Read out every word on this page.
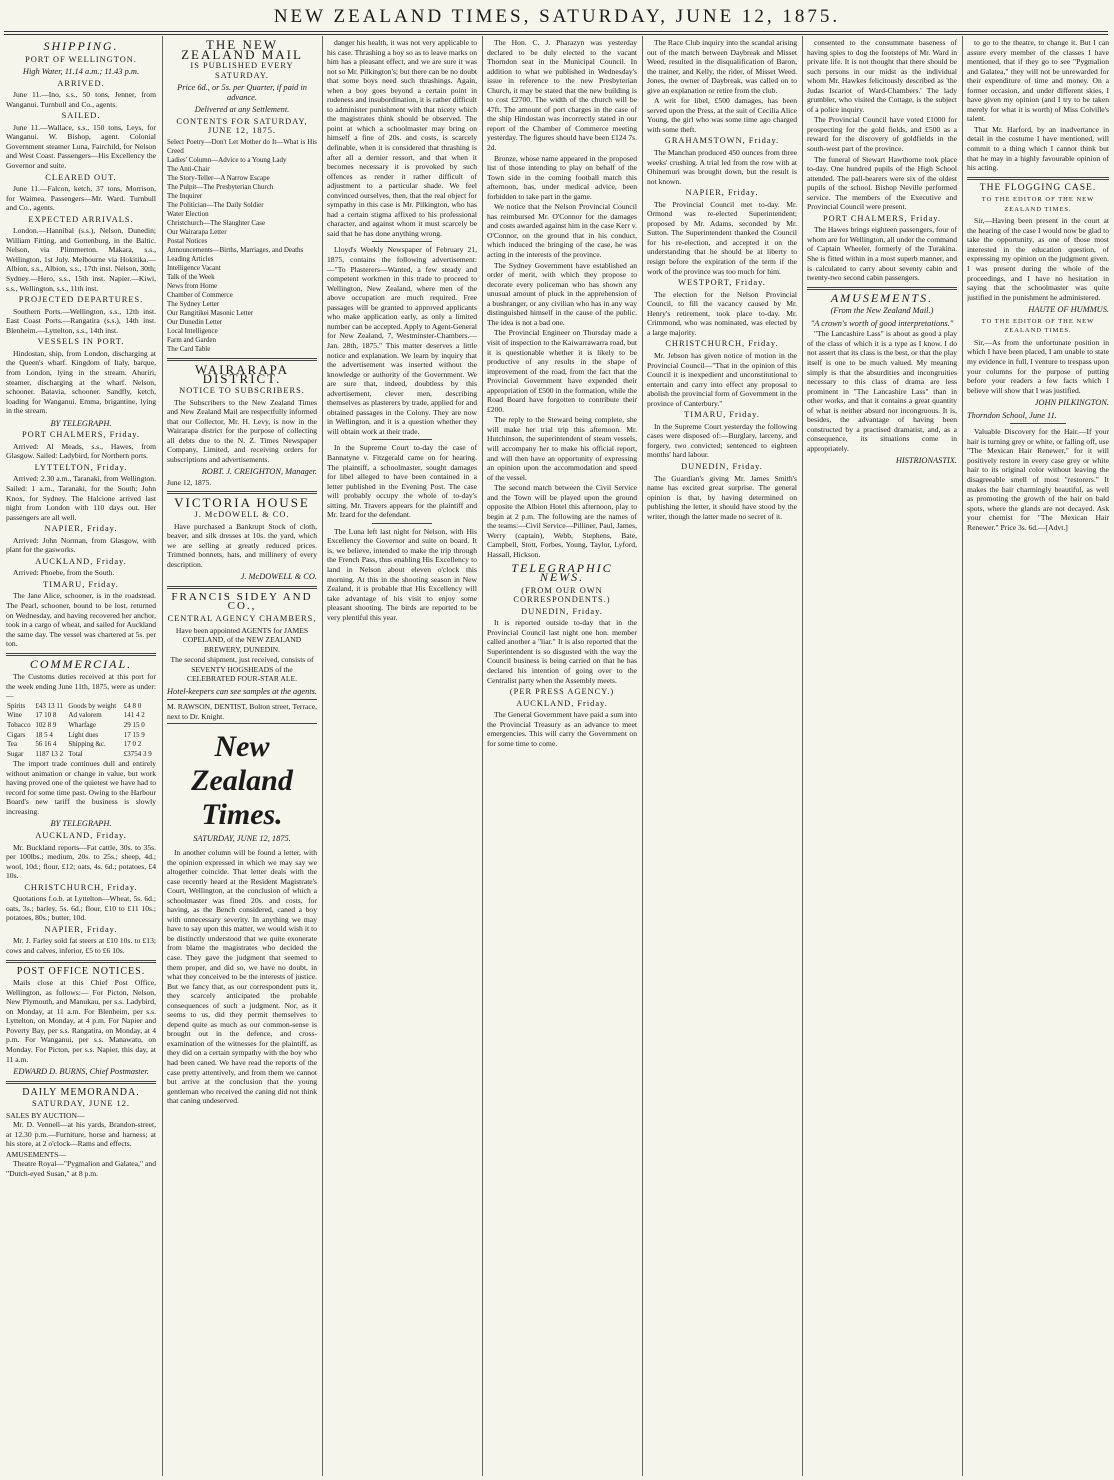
NEW ZEALAND TIMES, SATURDAY, JUNE 12, 1875.
SHIPPING.
PORT OF WELLINGTON.
High Water, 11.14 a.m.; 11.43 p.m.
ARRIVED.

June 11.—Ino, s.s., 50 tons, Jenner, from Wanganui. Turnbull and Co., agents.

SAILED.

June 11.—Wallace, s.s., 150 tons, Leys, for Wanganui. W. Bishop, agent. Colonial Government steamer Luna, Fairchild, for Nelson and West Coast. Passengers—His Excellency the Governor and suite.

CLEARED OUT.

June 11.—Falcon, ketch, 37 tons, Morrison, for Waimea. Passengers—Mr. Ward. Turnbull and Co., agents.

EXPECTED ARRIVALS.

London.—Hannibal (s.s.), Nelson, Dunedin; William Fitting, and Gottenburg, in the Baltic. Nelson, via Plimmerton. Makara, s.s., Wellington, 1st July. Melbourne via Hokitika.—Albion, s.s., Albion, s.s., 17th inst. Nelson, 30th; Sydney.—Hero, s.s., 15th inst. Napier.—Kiwi, s.s., Wellington, s.s., 11th inst.

PROJECTED DEPARTURES.

Southern Ports.—Wellington, s.s., 12th inst. East Coast Ports.—Rangatira (s.s.), 14th inst. Blenheim.—Lyttelton, s.s., 14th inst.

VESSELS IN PORT.

Hindostan, ship, from London, discharging at the Queen's wharf. Kingdom of Italy, barque, from London, lying in the stream. Ahuriri, steamer, discharging at the wharf. Nelson, schooner. Batavia, schooner. Sandfly, ketch, loading for Wanganui. Emma, brigantine, lying in the stream.

BY TELEGRAPH.
PORT CHALMERS, Friday.

Arrived: Al Meads, s.s., Hawes, from Glasgow. Sailed: Ladybird, for Northern ports.

LYTTELTON, Friday.

Arrived: 2.30 a.m., Taranaki, from Wellington. Sailed: 1 a.m., Taranaki, for the South; John Knox, for Sydney. The Halcione arrived last night from London with 110 days out. Her passengers are all well.

NAPIER, Friday.

Arrived: John Norman, from Glasgow, with plant for the gasworks.

AUCKLAND, Friday.

Arrived: Phoebe, from the South.

TIMARU, Friday.

The Jane Alice, schooner, is in the roadstead. The Pearl, schooner, bound to be lost, returned on Wednesday, and having recovered her anchor, took in a cargo of wheat, and sailed for Auckland the same day. The vessel was chartered at 5s. per ton.

COMMERCIAL.

The Customs duties received at this port for the week ending June 11th, 1875, were as under:—

Spirits	£43 13 11	Goods by weight	£4 8 0
Wine	17 10 8	Ad valorem	141 4 2
Tobacco	102 8 9	Wharfage	29 15 0
Cigars	18 5 4	Light dues	17 15 9
Tea	56 16 4	Shipping &c.	17 0 2
Sugar	1187 13 2	Total	£3754 3 9

The import trade continues dull and entirely without animation or change in value, but work having proved one of the quietest we have had to record for some time past. Owing to the Harbour Board's new tariff the business is slowly increasing.

BY TELEGRAPH.
AUCKLAND, Friday.

Mr. Buckland reports—Fat cattle, 30s. to 35s. per 100lbs.; medium, 20s. to 25s.; sheep, 4d.; wool, 10d.; flour, £12; oats, 4s. 6d.; potatoes, £4 10s.

CHRISTCHURCH, Friday.

Quotations f.o.b. at Lyttelton—Wheat, 5s. 6d.; oats, 3s.; barley, 5s. 6d.; flour, £10 to £11 10s.; potatoes, 80s.; butter, 10d.

NAPIER, Friday.

Mr. J. Farley sold fat steers at £10 10s. to £13; cows and calves, inferior, £5 to £6 10s.

POST OFFICE NOTICES.

Mails close at this Chief Post Office, Wellington, as follows:— For Picton, Nelson, New Plymouth, and Manukau, per s.s. Ladybird, on Monday, at 11 a.m. For Blenheim, per s.s. Lyttelton, on Monday, at 4 p.m. For Napier and Poverty Bay, per s.s. Rangatira, on Monday, at 4 p.m. For Wanganui, per s.s. Manawatu, on Monday. For Picton, per s.s. Napier, this day, at 11 a.m.

EDWARD D. BURNS, Chief Postmaster.
DAILY MEMORANDA.
SATURDAY, JUNE 12.
SALES BY AUCTION—

Mr. D. Vennell—at his yards, Brandon-street, at 12.30 p.m.—Furniture, horse and harness; at his store, at 2 o'clock—Rams and effects.

AMUSEMENTS—

Theatre Royal—"Pygmalion and Galatea," and "Dutch-eyed Susan," at 8 p.m.

THE NEW ZEALAND MAIL
IS PUBLISHED EVERY SATURDAY.
Price 6d., or 5s. per Quarter, if paid in advance.
Delivered at any Settlement.
CONTENTS FOR SATURDAY, JUNE 12, 1875.
Select Poetry—Don't Let Mother do It—What is His Creed
Ladies' Column—Advice to a Young Lady
The Anti-Chair
The Story-Teller—A Narrow Escape
The Pulpit—The Presbyterian Church
The Inquirer
The Politician—The Daily Soldier
Water Election
Christchurch—The Slaughter Case
Our Wairarapa Letter
Postal Notices
Announcements—Births, Marriages, and Deaths
Leading Articles
Intelligence Vacant
Talk of the Week
News from Home
Chamber of Commerce
The Sydney Letter
Our Rangitikei Masonic Letter
Our Dunedin Letter
Local Intelligence
Farm and Garden
The Card Table
WAIRARAPA DISTRICT.
NOTICE TO SUBSCRIBERS.

The Subscribers to the New Zealand Times and New Zealand Mail are respectfully informed that our Collector, Mr. H. Levy, is now in the Wairarapa district for the purpose of collecting all debts due to the N. Z. Times Newspaper Company, Limited, and receiving orders for subscriptions and advertisements.

ROBT. J. CREIGHTON, Manager.
June 12, 1875.
VICTORIA HOUSE
J. McDOWELL & CO.

Have purchased a Bankrupt Stock of cloth, beaver, and silk dresses at 10s. the yard, which we are selling at greatly reduced prices. Trimmed bonnets, hats, and millinery of every description.

J. McDOWELL & CO.
FRANCIS SIDEY AND CO.,
CENTRAL AGENCY CHAMBERS,

Have been appointed AGENTS for JAMES COPELAND, of the NEW ZEALAND BREWERY, DUNEDIN.

The second shipment, just received, consists of SEVENTY HOGSHEADS of the CELEBRATED FOUR-STAR ALE.

Hotel-keepers can see samples at the agents.
M. RAWSON, DENTIST, Bolton street, Terrace, next to Dr. Knight.
New Zealand Times.
SATURDAY, JUNE 12, 1875.

In another column will be found a letter, with the opinion expressed in which we may say we altogether coincide. That letter deals with the case recently heard at the Resident Magistrate's Court, Wellington, at the conclusion of which a schoolmaster was fined 20s. and costs, for having, as the Bench considered, caned a boy with unnecessary severity. In anything we may have to say upon this matter, we would wish it to be distinctly understood that we quite exonerate from blame the magistrates who decided the case. They gave the judgment that seemed to them proper, and did so, we have no doubt, in what they conceived to be the interests of justice. But we fancy that, as our correspondent puts it, they scarcely anticipated the probable consequences of such a judgment. Nor, as it seems to us, did they permit themselves to depend quite as much as our common-sense is brought out in the defence, and cross-examination of the witnesses for the plaintiff, as they did on a certain sympathy with the boy who had been caned. We have read the reports of the case pretty attentively, and from them we cannot but arrive at the conclusion that the young gentleman who received the caning did not think that caning undeserved.

danger his health, it was not very applicable to his case. Thrashing a boy so as to leave marks on him has a pleasant effect, and we are sure it was not so Mr. Pilkington's; but there can be no doubt that some boys need such thrashings. Again, when a boy goes beyond a certain point in rudeness and insubordination, it is rather difficult to administer punishment with that nicety which the magistrates think should be observed. The point at which a schoolmaster may bring on himself a fine of 20s. and costs, is scarcely definable, when it is considered that thrashing is after all a dernier ressort, and that when it becomes necessary it is provoked by such offences as render it rather difficult of adjustment to a particular shade. We feel convinced ourselves, then, that the real object for sympathy in this case is Mr. Pilkington, who has had a certain stigma affixed to his professional character, and against whom it must scarcely be said that he has done anything wrong.

Lloyd's Weekly Newspaper of February 21, 1875, contains the following advertisement:—"To Plasterers—Wanted, a few steady and competent workmen in this trade to proceed to Wellington, New Zealand, where men of the above occupation are much required. Free passages will be granted to approved applicants who make application early, as only a limited number can be accepted. Apply to Agent-General for New Zealand, 7, Westminster-Chambers.—Jan. 28th, 1875." This matter deserves a little notice and explanation. We learn by inquiry that the advertisement was inserted without the knowledge or authority of the Government. We are sure that, indeed, doubtless by this advertisement, clever men, describing themselves as plasterers by trade, applied for and obtained passages in the Colony. They are now in Wellington, and it is a question whether they will obtain work at their trade.

In the Supreme Court to-day the case of Bannatyne v. Fitzgerald came on for hearing. The plaintiff, a schoolmaster, sought damages for libel alleged to have been contained in a letter published in the Evening Post. The case will probably occupy the whole of to-day's sitting. Mr. Travers appears for the plaintiff and Mr. Izard for the defendant.

The Luna left last night for Nelson, with His Excellency the Governor and suite on board. It is, we believe, intended to make the trip through the French Pass, thus enabling His Excellency to land in Nelson about eleven o'clock this morning. At this in the shooting season in New Zealand, it is probable that His Excellency will take advantage of his visit to enjoy some pleasant shooting. The birds are reported to be very plentiful this year.

The Hon. C. J. Pharazyn was yesterday declared to be duly elected to the vacant Thorndon seat in the Municipal Council. In addition to what we published in Wednesday's issue in reference to the new Presbyterian Church, it may be stated that the new building is to cost £2700. The width of the church will be 47ft. The amount of port charges in the case of the ship Hindostan was incorrectly stated in our report of the Chamber of Commerce meeting yesterday. The figures should have been £124 7s. 2d.

Bronze, whose name appeared in the proposed list of those intending to play on behalf of the Town side in the coming football match this afternoon, has, under medical advice, been forbidden to take part in the game.

We notice that the Nelson Provincial Council has reimbursed Mr. O'Connor for the damages and costs awarded against him in the case Kerr v. O'Connor, on the ground that in his conduct, which induced the bringing of the case, he was acting in the interests of the province.

The Sydney Government have established an order of merit, with which they propose to decorate every policeman who has shown any unusual amount of pluck in the apprehension of a bushranger, or any civilian who has in any way distinguished himself in the cause of the public. The idea is not a bad one.

The Provincial Engineer on Thursday made a visit of inspection to the Kaiwarrawarra road, but it is questionable whether it is likely to be productive of any results in the shape of improvement of the road, from the fact that the Provincial Government have expended their appropriation of £500 in the formation, while the Road Board have forgotten to contribute their £200.

The reply to the Steward being complete, she will make her trial trip this afternoon. Mr. Hutchinson, the superintendent of steam vessels, will accompany her to make his official report, and will then have an opportunity of expressing an opinion upon the accommodation and speed of the vessel.

The second match between the Civil Service and the Town will be played upon the ground opposite the Albion Hotel this afternoon, play to begin at 2 p.m. The following are the names of the teams:—Civil Service—Pilliner, Paul, James, Werry (captain), Webb, Stephens, Bate, Campbell, Stott, Forbes, Young, Taylor, Lyford, Hassall, Hickson.

TELEGRAPHIC NEWS.
(FROM OUR OWN CORRESPONDENTS.)
DUNEDIN, Friday.

It is reported outside to-day that in the Provincial Council last night one hon. member called another a "liar." It is also reported that the Superintendent is so disgusted with the way the Council business is being carried on that he has declared his intention of going over to the Centralist party when the Assembly meets.

(PER PRESS AGENCY.)
AUCKLAND, Friday.

The General Government have paid a sum into the Provincial Treasury as an advance to meet emergencies. This will carry the Government on for some time to come.

The Race Club inquiry into the scandal arising out of the match between Daybreak and Misset Weed, resulted in the disqualification of Baron, the trainer, and Kelly, the rider, of Misset Weed. Jones, the owner of Daybreak, was called on to give an explanation or retire from the club.

A writ for libel, £500 damages, has been served upon the Press, at the suit of Cecilia Alice Young, the girl who was some time ago charged with some theft.

GRAHAMSTOWN, Friday.

The Manchan produced 450 ounces from three weeks' crushing. A trial led from the row with at Ohinemuri was brought down, but the result is not known.

NAPIER, Friday.

The Provincial Council met to-day. Mr. Ormond was re-elected Superintendent; proposed by Mr. Adams, seconded by Mr. Sutton. The Superintendent thanked the Council for his re-election, and accepted it on the understanding that he should be at liberty to resign before the expiration of the term if the work of the province was too much for him.

WESTPORT, Friday.

The election for the Nelson Provincial Council, to fill the vacancy caused by Mr. Henry's retirement, took place to-day. Mr. Crimmond, who was nominated, was elected by a large majority.

CHRISTCHURCH, Friday.

Mr. Jebson has given notice of motion in the Provincial Council—"That in the opinion of this Council it is inexpedient and unconstitutional to entertain and carry into effect any proposal to abolish the provincial form of Government in the province of Canterbury."

TIMARU, Friday.

In the Supreme Court yesterday the following cases were disposed of:—Burglary, larceny, and forgery, two convicted; sentenced to eighteen months' hard labour.

DUNEDIN, Friday.

The Guardian's giving Mr. James Smith's name has excited great surprise. The general opinion is that, by having determined on publishing the letter, it should have stood by the writer, though the latter made no secret of it.

consented to the consummate baseness of having spies to dog the footsteps of Mr. Ward in private life. It is not thought that there should be such persons in our midst as the individual whom Mr. Hawkes felicitously described as 'the Judas Iscariot of Ward-Chambers.' The lady grumbler, who visited the Cottage, is the subject of a police inquiry.

The Provincial Council have voted £1000 for prospecting for the gold fields, and £500 as a reward for the discovery of goldfields in the south-west part of the province.

The funeral of Stewart Hawthorne took place to-day. One hundred pupils of the High School attended. The pall-bearers were six of the oldest pupils of the school. Bishop Neville performed service. The members of the Executive and Provincial Council were present.

PORT CHALMERS, Friday.

The Hawes brings eighteen passengers, four of whom are for Wellington, all under the command of Captain Wheeler, formerly of the Turakina. She is fitted within in a most superb manner, and is calculated to carry about seventy cabin and twenty-two second cabin passengers.

AMUSEMENTS.
(From the New Zealand Mail.)
"A crown's worth of good interpretations."

"The Lancashire Lass" is about as good a play of the class of which it is a type as I know. I do not assert that its class is the best, or that the play itself is one to be much valued. My meaning simply is that the absurdities and incongruities necessary to this class of drama are less prominent in "The Lancashire Lass" than in other works, and that it contains a great quantity of what is neither absurd nor incongruous. It is, besides, the advantage of having been constructed by a practised dramatist, and, as a consequence, its situations come in appropriately.

HISTRIONASTIX.

to go to the theatre, to change it. But I can assure every member of the classes I have mentioned, that if they go to see "Pygmalion and Galatea," they will not be unrewarded for their expenditure of time and money. On a former occasion, and under different skies, I have given my opinion (and I try to be taken merely for what it is worth) of Miss Colville's talent.

That Mr. Harford, by an inadvertance in detail in the costume I have mentioned, will commit to a thing which I cannot think but that he may in a highly favourable opinion of his acting.

THE FLOGGING CASE.
TO THE EDITOR OF THE NEW ZEALAND TIMES.

Sir,—Having been present in the court at the hearing of the case I would now be glad to take the opportunity, as one of those most interested in the education question, of expressing my opinion on the judgment given. I was present during the whole of the proceedings, and I have no hesitation in saying that the schoolmaster was quite justified in the punishment he administered.

HAUTE OF HUMMUS.
TO THE EDITOR OF THE NEW ZEALAND TIMES.

Sir,—As from the unfortunate position in which I have been placed, I am unable to state my evidence in full, I venture to trespass upon your columns for the purpose of putting before your readers a few facts which I believe will show that I was justified.

JOHN PILKINGTON.
Thorndon School, June 11.

Valuable Discovery for the Hair.—If your hair is turning grey or white, or falling off, use "The Mexican Hair Renewer," for it will positively restore in every case grey or white hair to its original color without leaving the disagreeable smell of most "restorers." It makes the hair charmingly beautiful, as well as promoting the growth of the hair on bald spots, where the glands are not decayed. Ask your chemist for "The Mexican Hair Renewer." Price 3s. 6d.—[Advt.]
